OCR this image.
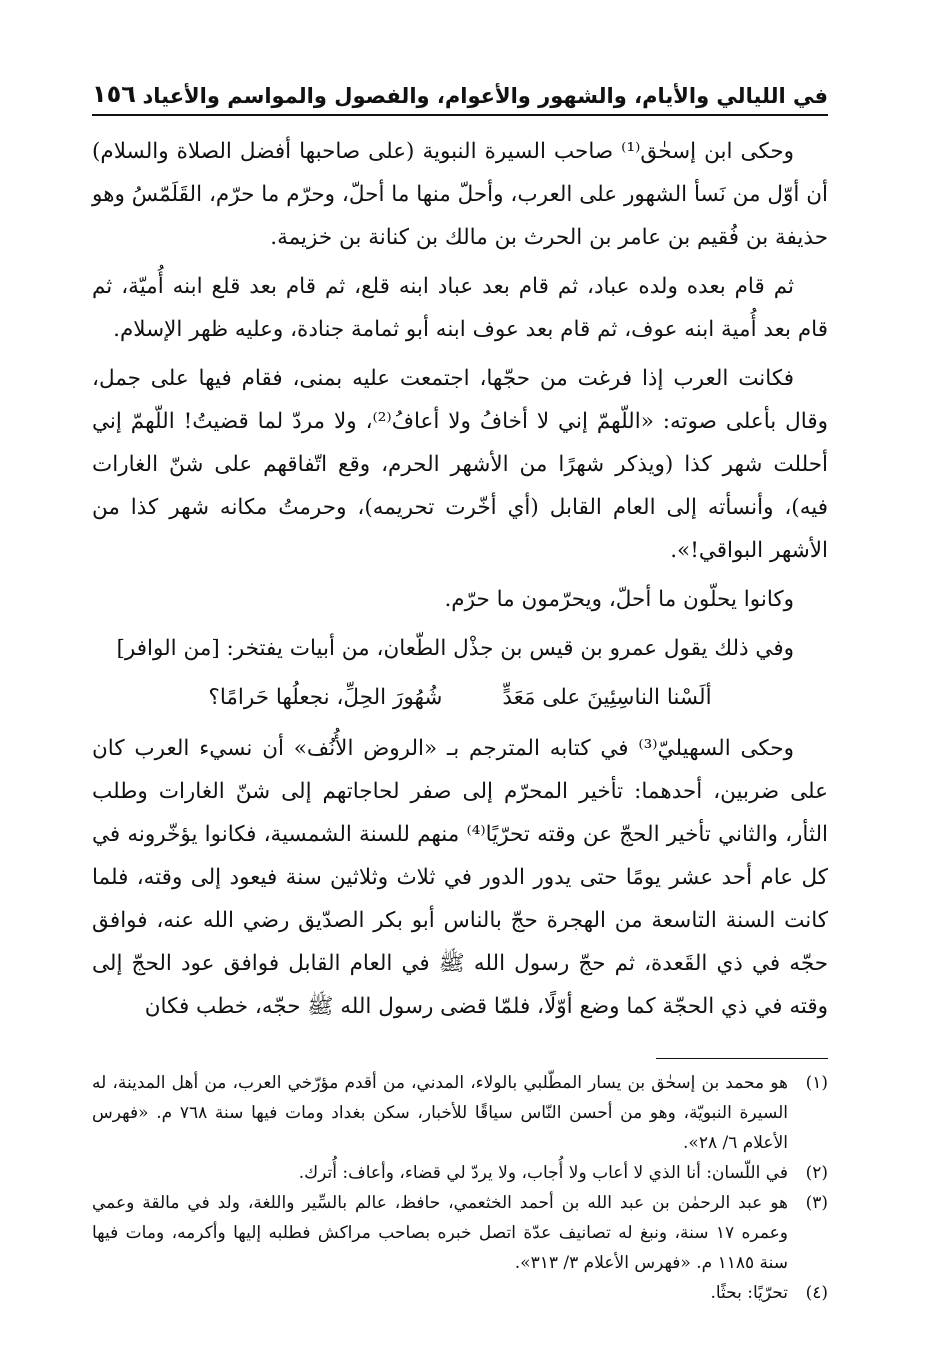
في الليالي والأيام، والشهور والأعوام، والفصول والمواسم والأعياد
١٥٦

وحكى ابن إسحٰق⁽¹⁾ صاحب السيرة النبوية (على صاحبها أفضل الصلاة والسلام) أن أوّل من نَسأ الشهور على العرب، وأحلّ منها ما أحلّ، وحرّم ما حرّم، القَلَمّسُ وهو حذيفة بن فُقيم بن عامر بن الحرث بن مالك بن كنانة بن خزيمة.

ثم قام بعده ولده عباد، ثم قام بعد عباد ابنه قلع، ثم قام بعد قلع ابنه أُميّة، ثم قام بعد أُمية ابنه عوف، ثم قام بعد عوف ابنه أبو ثمامة جنادة، وعليه ظهر الإسلام.

فكانت العرب إذا فرغت من حجّها، اجتمعت عليه بمنى، فقام فيها على جمل، وقال بأعلى صوته: «اللّهمّ إني لا أخافُ ولا أعافُ⁽²⁾، ولا مردّ لما قضيتُ! اللّهمّ إني أحللت شهر كذا (ويذكر شهرًا من الأشهر الحرم، وقع اتّفاقهم على شنّ الغارات فيه)، وأنسأته إلى العام القابل (أي أخّرت تحريمه)، وحرمتُ مكانه شهر كذا من الأشهر البواقي!».

وكانوا يحلّون ما أحلّ، ويحرّمون ما حرّم.

وفي ذلك يقول عمرو بن قيس بن جذْل الطّعان، من أبيات يفتخر: [من الوافر]

ألَسْنا الناسِئِينَ على مَعَدٍّ
شُهُورَ الحِلِّ، نجعلُها حَرامًا؟

وحكى السهيليّ⁽³⁾ في كتابه المترجم بـ «الروض الأُنُف» أن نسيء العرب كان على ضربين، أحدهما: تأخير المحرّم إلى صفر لحاجاتهم إلى شنّ الغارات وطلب الثأر، والثاني تأخير الحجّ عن وقته تحرّيًا⁽⁴⁾ منهم للسنة الشمسية، فكانوا يؤخّرونه في كل عام أحد عشر يومًا حتى يدور الدور في ثلاث وثلاثين سنة فيعود إلى وقته، فلما كانت السنة التاسعة من الهجرة حجّ بالناس أبو بكر الصدّيق رضي الله عنه، فوافق حجّه في ذي القَعدة، ثم حجّ رسول الله ﷺ في العام القابل فوافق عود الحجّ إلى وقته في ذي الحجّة كما وضع أوّلًا، فلمّا قضى رسول الله ﷺ حجّه، خطب فكان

(١)
هو محمد بن إسحٰق بن يسار المطّلبي بالولاء، المدني، من أقدم مؤرّخي العرب، من أهل المدينة، له السيرة النبويّة، وهو من أحسن النّاس سياقًا للأخبار، سكن بغداد ومات فيها سنة ٧٦٨ م. «فهرس الأعلام ٦/ ٢٨».
(٢)
في اللّسان: أنا الذي لا أعاب ولا أُجاب، ولا يردّ لي قضاء، وأعاف: أُترك.
(٣)
هو عبد الرحمٰن بن عبد الله بن أحمد الخثعمي، حافظ، عالم بالسِّير واللغة، ولد في مالقة وعمي وعمره ١٧ سنة، ونبغ له تصانيف عدّة اتصل خبره بصاحب مراكش فطلبه إليها وأكرمه، ومات فيها سنة ١١٨٥ م. «فهرس الأعلام ٣/ ٣١٣».
(٤)
تحرّيًا: بحثًا.
